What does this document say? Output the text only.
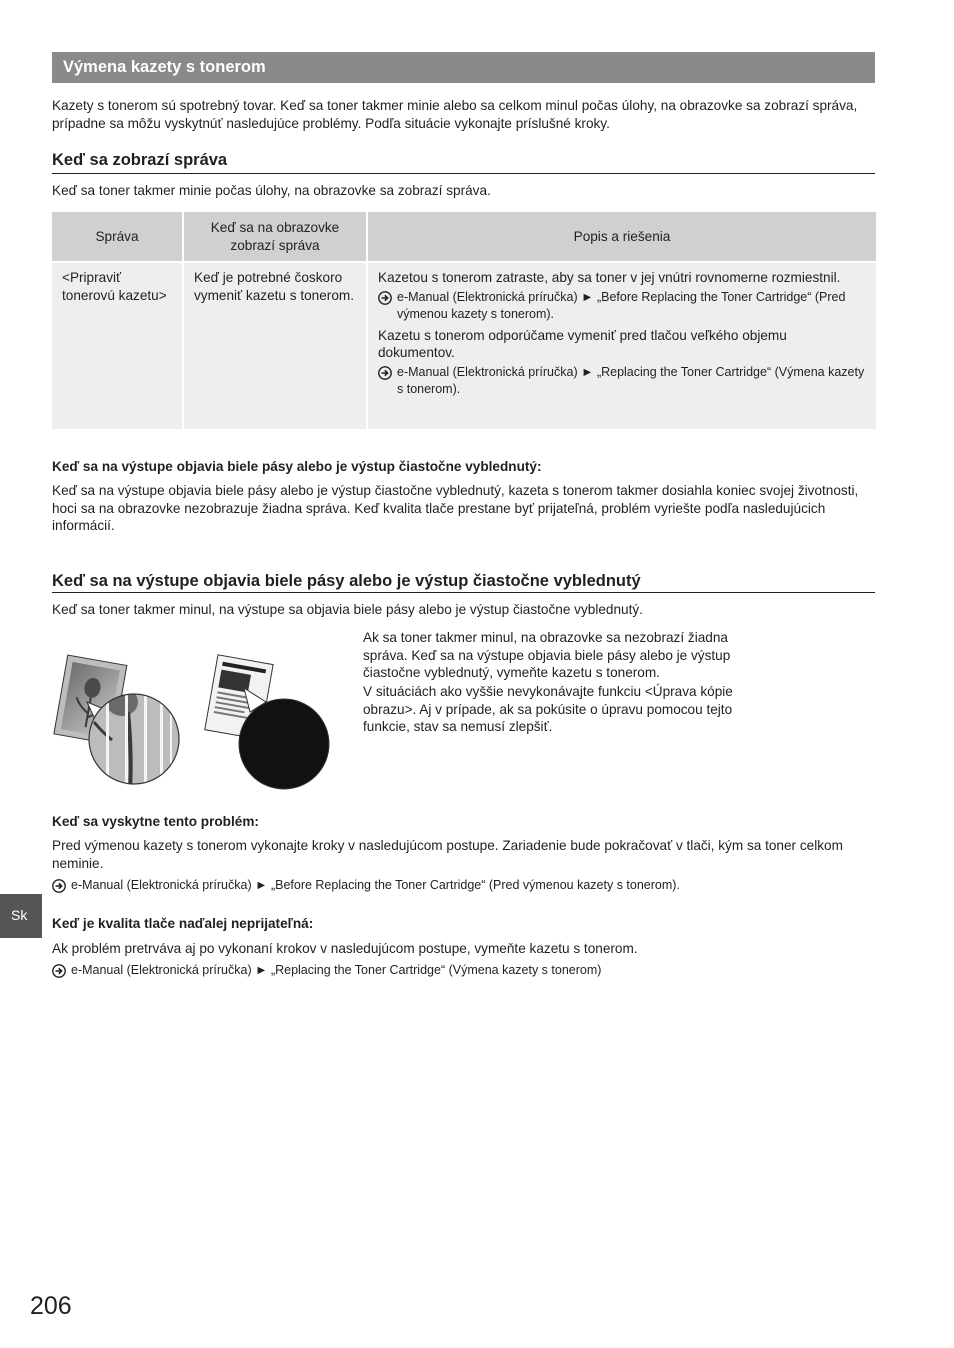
Výmena kazety s tonerom
Kazety s tonerom sú spotrebný tovar. Keď sa toner takmer minie alebo sa celkom minul počas úlohy, na obrazovke sa zobrazí správa, prípadne sa môžu vyskytnúť nasledujúce problémy. Podľa situácie vykonajte príslušné kroky.
Keď sa zobrazí správa
Keď sa toner takmer minie počas úlohy, na obrazovke sa zobrazí správa.
Správa	Keď sa na obrazovke zobrazí správa	Popis a riešenia
<Pripraviť tonerovú kazetu>	Keď je potrebné čoskoro vymeniť kazetu s tonerom.	Kazetou s tonerom zatraste, aby sa toner v jej vnútri rovnomerne rozmiestnil.
e-Manual (Elektronická príručka) ► „Before Replacing the Toner Cartridge“ (Pred výmenou kazety s tonerom).
Kazetu s tonerom odporúčame vymeniť pred tlačou veľkého objemu dokumentov.
e-Manual (Elektronická príručka) ► „Replacing the Toner Cartridge“ (Výmena kazety s tonerom).
Keď sa na výstupe objavia biele pásy alebo je výstup čiastočne vyblednutý:
Keď sa na výstupe objavia biele pásy alebo je výstup čiastočne vyblednutý, kazeta s tonerom takmer dosiahla koniec svojej životnosti, hoci sa na obrazovke nezobrazuje žiadna správa. Keď kvalita tlače prestane byť prijateľná, problém vyriešte podľa nasledujúcich informácií.
Keď sa na výstupe objavia biele pásy alebo je výstup čiastočne vyblednutý
Keď sa toner takmer minul, na výstupe sa objavia biele pásy alebo je výstup čiastočne vyblednutý.
Ak sa toner takmer minul, na obrazovke sa nezobrazí žiadna správa. Keď sa na výstupe objavia biele pásy alebo je výstup čiastočne vyblednutý, vymeňte kazetu s tonerom.
V situáciách ako vyššie nevykonávajte funkciu <Úprava kópie obrazu>. Aj v prípade, ak sa pokúsite o úpravu pomocou tejto funkcie, stav sa nemusí zlepšiť.
Keď sa vyskytne tento problém:
Pred výmenou kazety s tonerom vykonajte kroky v nasledujúcom postupe. Zariadenie bude pokračovať v tlači, kým sa toner celkom neminie.
e-Manual (Elektronická príručka) ► „Before Replacing the Toner Cartridge“ (Pred výmenou kazety s tonerom).
Sk
Keď je kvalita tlače naďalej neprijateľná:
Ak problém pretrváva aj po vykonaní krokov v nasledujúcom postupe, vymeňte kazetu s tonerom.
e-Manual (Elektronická príručka) ► „Replacing the Toner Cartridge“ (Výmena kazety s tonerom)
206
